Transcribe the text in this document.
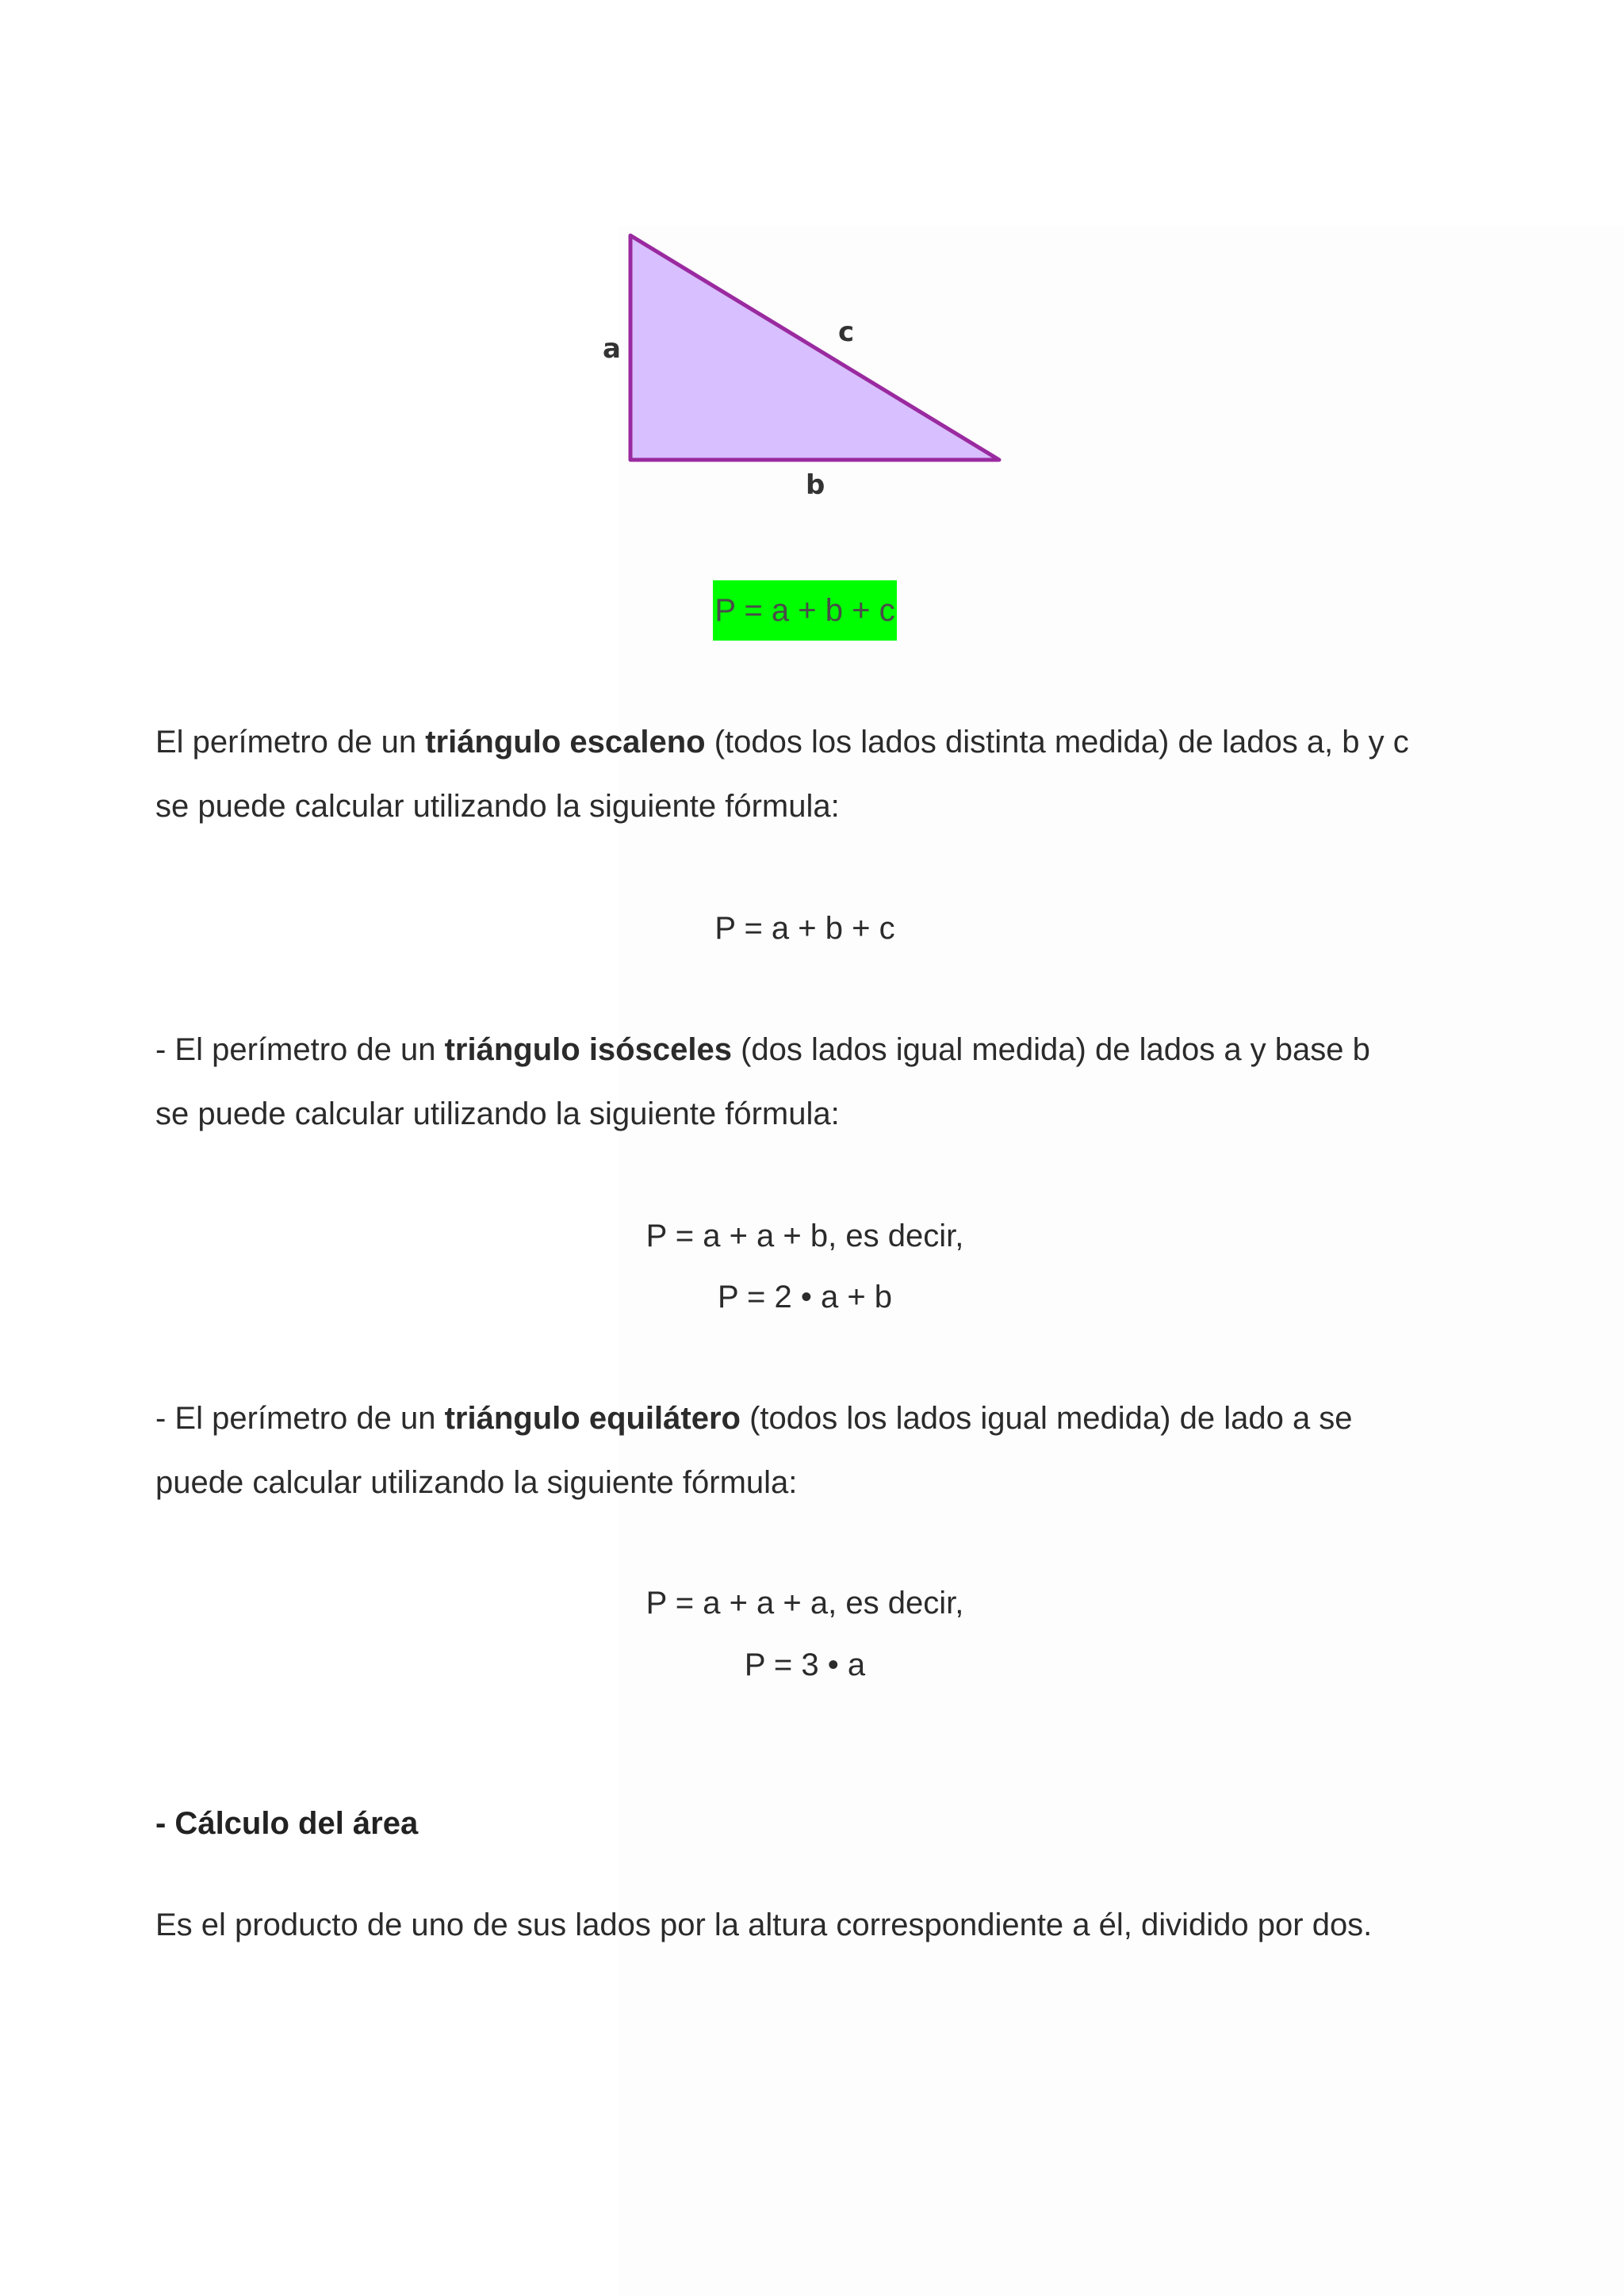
a
c
b
P = a + b + c

El perímetro de un triángulo escaleno (todos los lados distinta medida) de lados a, b y c

se puede calcular utilizando la siguiente fórmula:

P = a + b + c

- El perímetro de un triángulo isósceles (dos lados igual medida) de lados a y base b

se puede calcular utilizando la siguiente fórmula:

P = a + a + b, es decir,

P = 2 • a + b

- El perímetro de un triángulo equilátero (todos los lados igual medida) de lado a se

puede calcular utilizando la siguiente fórmula:

P = a + a + a, es decir,

P = 3 • a

- Cálculo del área

Es el producto de uno de sus lados por la altura correspondiente a él, dividido por dos.
